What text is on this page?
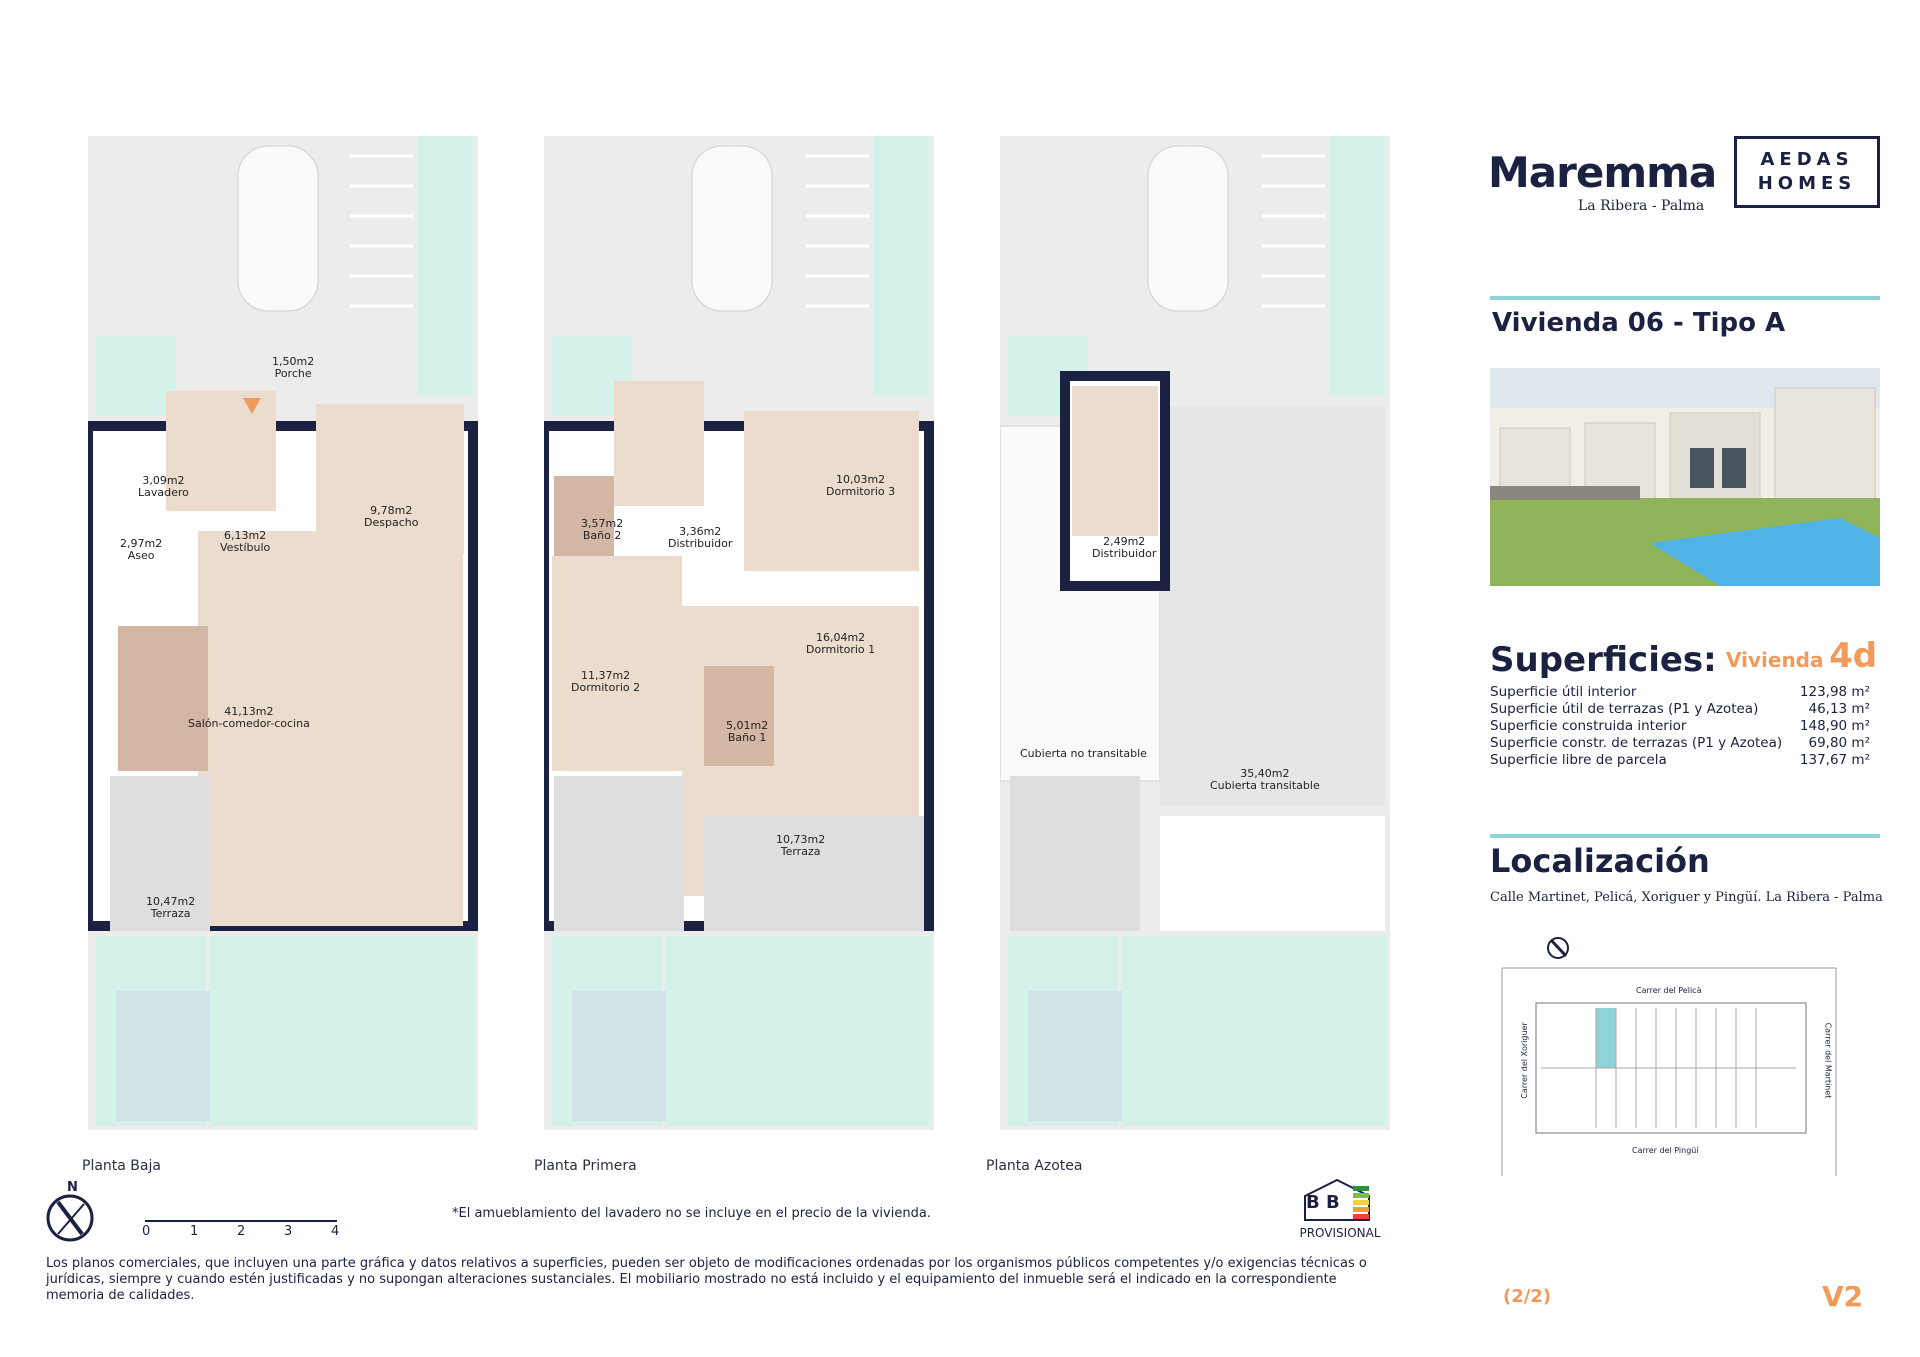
1,50m2
Porche
3,09m2
Lavadero
2,97m2
Aseo
6,13m2
Vestíbulo
9,78m2
Despacho
41,13m2
Salón-comedor-cocina
10,47m2
Terraza
Planta Baja
10,03m2
Dormitorio 3
3,57m2
Baño 2	3,36m2
Distribuidor
16,04m2
Dormitorio 1
11,37m2
Dormitorio 2
5,01m2
Baño 1
10,73m2
Terraza
Planta Primera
2,49m2
Distribuidor
Cubierta no transitable
35,40m2
Cubierta transitable
Planta Azotea
N
0	1	2	3	4
*El amueblamiento del lavadero no se incluye en el precio de la vivienda.
B B
PROVISIONAL
Los planos comerciales, que incluyen una parte gráfica y datos relativos a superficies, pueden ser objeto de modificaciones ordenadas por los organismos públicos competentes y/o exigencias técnicas o jurídicas, siempre y cuando estén justificadas y no supongan alteraciones sustanciales. El mobiliario mostrado no está incluido y el equipamiento del inmueble será el indicado en la correspondiente memoria de calidades.
Maremma
La Ribera - Palma
AEDAS
HOMES
Vivienda 06 - Tipo A
Superficies: Vivienda 4d
Superficie útil interior	123,98 m²
Superficie útil de terrazas (P1 y Azotea)	46,13 m²
Superficie construida interior	148,90 m²
Superficie constr. de terrazas (P1 y Azotea) 69,80 m²
Superficie libre de parcela	137,67 m²
Localización
Calle Martinet, Pelicá, Xoriguer y Pingüí. La Ribera - Palma
Carrer del Pelicà
Carrer del Pingüí
Carrer del Xoriguer	Carrer del Martinet
(2/2)	V2
